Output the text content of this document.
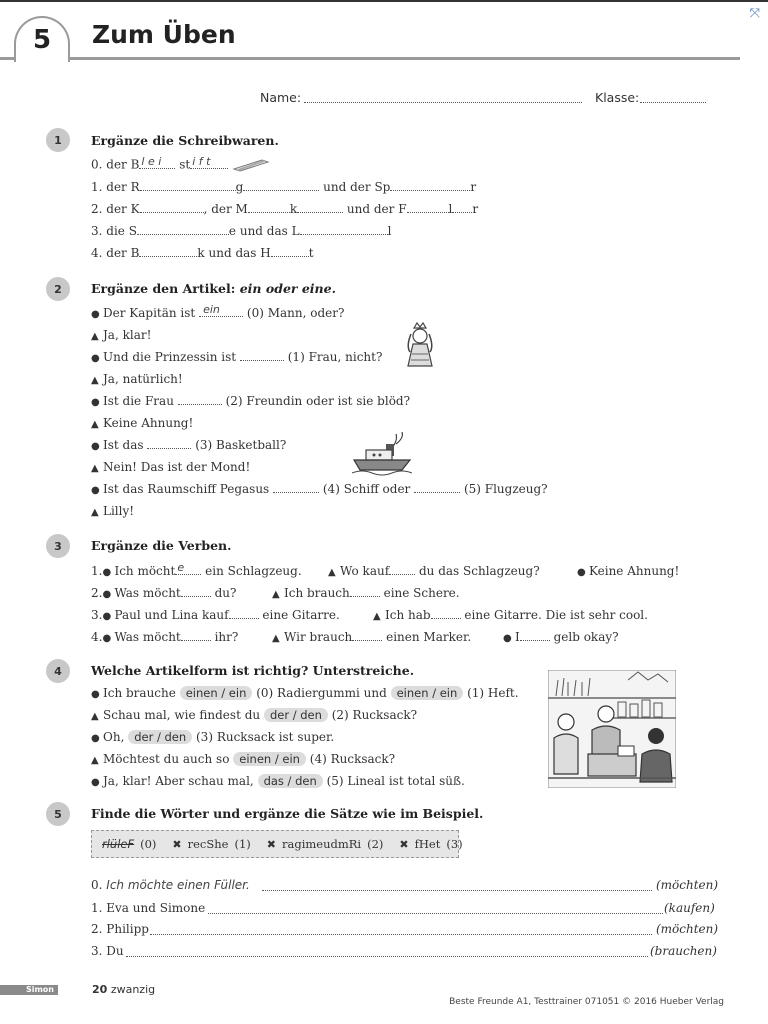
5 Zum Üben
⤧
Name:	Klasse:
1	Ergänze die Schreibwaren.
0. der B l e i st i f t

1. der R	g	und der Sp	r
2. der K	, der M	k	und der F	l r
3. die S	e und das L	l
4. der B	k und das H	t
2	Ergänze den Artikel: ein oder eine.
● Der Kapitän ist ein (0) Mann, oder?
▲ Ja, klar!
● Und die Prinzessin ist	(1) Frau, nicht?
▲ Ja, natürlich!
● Ist die Frau	(2) Freundin oder ist sie blöd?
▲ Keine Ahnung!
● Ist das	(3) Basketball?
▲ Nein! Das ist der Mond!
● Ist das Raumschiff Pegasus	(4) Schiff oder	(5) Flugzeug?
▲ Lilly!
3	Ergänze die Verben.
1.● Ich möcht e ein Schlagzeug.	▲ Wo kauf du das Schlagzeug?	● Keine Ahnung!
2.● Was möcht	du?	▲ Ich brauch	eine Schere.
3.● Paul und Lina kauf	eine Gitarre.	▲ Ich hab	eine Gitarre. Die ist sehr cool.
4.● Was möcht	ihr?	▲ Wir brauch	einen Marker.	● I	gelb okay?
4	Welche Artikelform ist richtig? Unterstreiche.
● Ich brauche einen / ein (0) Radiergummi und einen / ein (1) Heft.
▲ Schau mal, wie findest du der / den (2) Rucksack?
● Oh, der / den (3) Rucksack ist super.
▲ Möchtest du auch so einen / ein (4) Rucksack?
● Ja, klar! Aber schau mal, das / den (5) Lineal ist total süß.
5	Finde die Wörter und ergänze die Sätze wie im Beispiel.
rlüleF (0) ✖ recShe (1) ✖ ragimeudmRi (2) ✖ fHet (3)
0. Ich möchte einen Füller.	(möchten)
1. Eva und Simone	(kaufen)
2. Philipp	(möchten)
3. Du	(brauchen)
Simon	20 zwanzig
Beste Freunde A1, Testtrainer 071051 © 2016 Hueber Verlag
